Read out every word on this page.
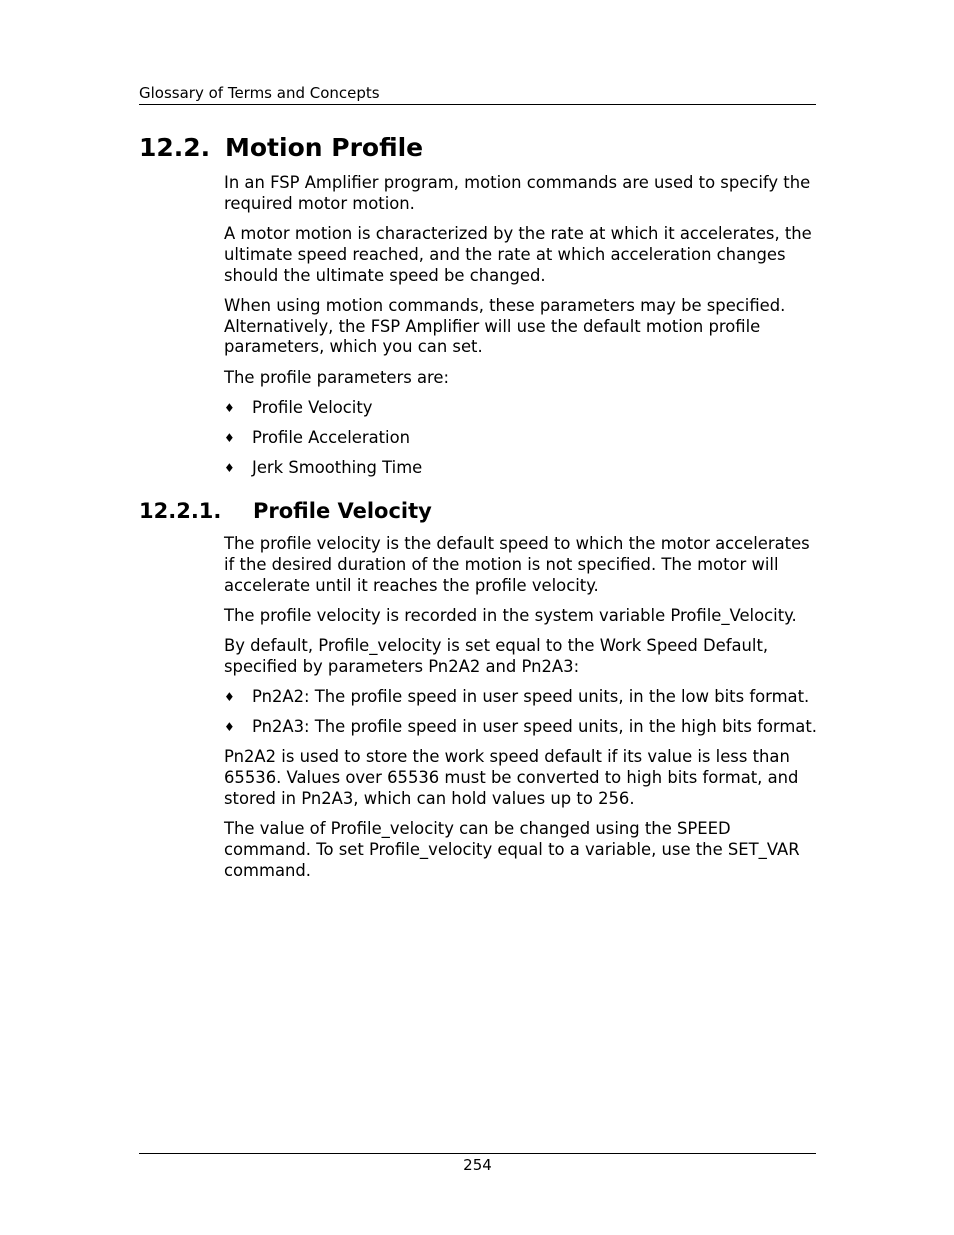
Glossary of Terms and Concepts
12.2. Motion Profile

In an FSP Amplifier program, motion commands are used to specify the required motor motion.

A motor motion is characterized by the rate at which it accelerates, the ultimate speed reached, and the rate at which acceleration changes should the ultimate speed be changed.

When using motion commands, these parameters may be specified. Alternatively, the FSP Amplifier will use the default motion profile parameters, which you can set.

The profile parameters are:

♦ Profile Velocity
♦ Profile Acceleration
♦ Jerk Smoothing Time
12.2.1. Profile Velocity

The profile velocity is the default speed to which the motor accelerates if the desired duration of the motion is not specified. The motor will accelerate until it reaches the profile velocity.

The profile velocity is recorded in the system variable Profile_Velocity.

By default, Profile_velocity is set equal to the Work Speed Default, specified by parameters Pn2A2 and Pn2A3:

♦ Pn2A2: The profile speed in user speed units, in the low bits format.
♦ Pn2A3: The profile speed in user speed units, in the high bits format.

Pn2A2 is used to store the work speed default if its value is less than 65536. Values over 65536 must be converted to high bits format, and stored in Pn2A3, which can hold values up to 256.

The value of Profile_velocity can be changed using the SPEED command. To set Profile_velocity equal to a variable, use the SET_VAR command.

254
